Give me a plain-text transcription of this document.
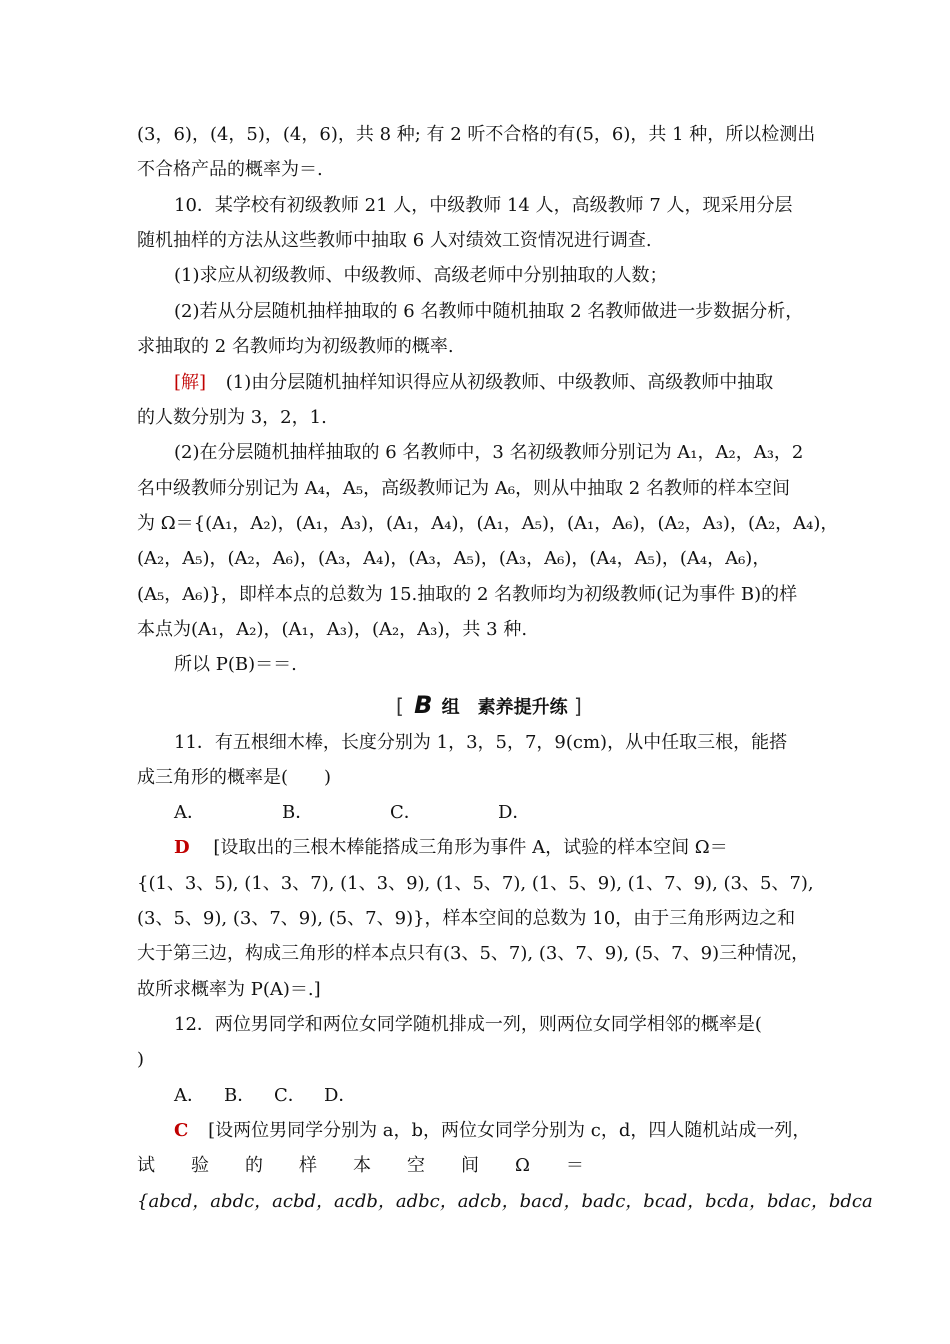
(3，6)，(4，5)，(4，6)，共 8 种; 有 2 听不合格的有(5，6)，共 1 种，所以检测出
不合格产品的概率为＝.
10．某学校有初级教师 21 人，中级教师 14 人，高级教师 7 人，现采用分层
随机抽样的方法从这些教师中抽取 6 人对绩效工资情况进行调查.
(1)求应从初级教师、中级教师、高级老师中分别抽取的人数；
(2)若从分层随机抽样抽取的 6 名教师中随机抽取 2 名教师做进一步数据分析，
求抽取的 2 名教师均为初级教师的概率.
[解] (1)由分层随机抽样知识得应从初级教师、中级教师、高级教师中抽取
的人数分别为 3，2，1.
(2)在分层随机抽样抽取的 6 名教师中，3 名初级教师分别记为 A₁，A₂，A₃，2
名中级教师分别记为 A₄，A₅，高级教师记为 A₆，则从中抽取 2 名教师的样本空间
为 Ω＝{(A₁，A₂)，(A₁，A₃)，(A₁，A₄)，(A₁，A₅)，(A₁，A₆)，(A₂，A₃)，(A₂，A₄)，
(A₂，A₅)，(A₂，A₆)，(A₃，A₄)，(A₃，A₅)，(A₃，A₆)，(A₄，A₅)，(A₄，A₆)，
(A₅，A₆)}，即样本点的总数为 15.抽取的 2 名教师均为初级教师(记为事件 B)的样
本点为(A₁，A₂)，(A₁，A₃)，(A₂，A₃)，共 3 种.
所以 P(B)＝＝.
[ B 组　素养提升练 ]
11．有五根细木棒，长度分别为 1，3，5，7，9(cm)，从中任取三根，能搭
成三角形的概率是(　　)
A．	B．	C．	D．
D [设取出的三根木棒能搭成三角形为事件 A，试验的样本空间 Ω＝
{(1、3、5), (1、3、7), (1、3、9), (1、5、7), (1、5、9), (1、7、9), (3、5、7),
(3、5、9), (3、7、9), (5、7、9)}，样本空间的总数为 10，由于三角形两边之和
大于第三边，构成三角形的样本点只有(3、5、7), (3、7、9), (5、7、9)三种情况，
故所求概率为 P(A)＝.]
12．两位男同学和两位女同学随机排成一列，则两位女同学相邻的概率是(
)
A． B． C． D．
C [设两位男同学分别为 a，b，两位女同学分别为 c，d，四人随机站成一列，
试　　验　　的　　样　　本　　空　　间　　Ω　　＝
{abcd，abdc，acbd，acdb，adbc，adcb，bacd，badc，bcad，bcda，bdac，bdca
